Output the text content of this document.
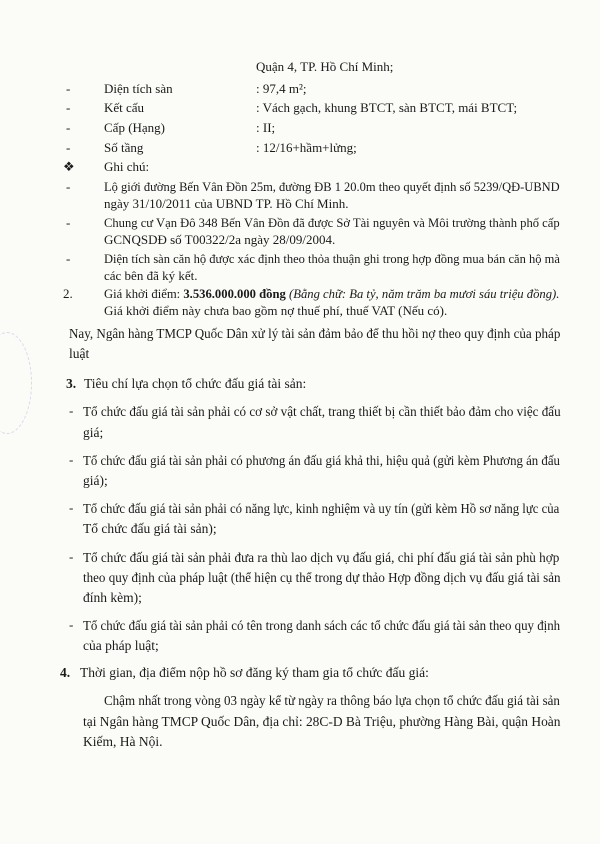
Quận 4, TP. Hồ Chí Minh;
-	Diện tích sàn	: 97,4 m²;
-	Kết cấu	: Vách gạch, khung BTCT, sàn BTCT, mái BTCT;
-	Cấp (Hạng)	: II;
-	Số tầng	: 12/16+hầm+lửng;
❖ Ghi chú:
-	Lộ giới đường Bến Vân Đồn 25m, đường ĐB 1 20.0m theo quyết định số 5239/QĐ-UBND
ngày 31/10/2011 của UBND TP. Hồ Chí Minh.
-	Chung cư Vạn Đô 348 Bến Vân Đồn đã được Sở Tài nguyên và Môi trường thành phố cấp
GCNQSDĐ số T00322/2a ngày 28/09/2004.
-	Diện tích sàn căn hộ được xác định theo thỏa thuận ghi trong hợp đồng mua bán căn hộ mà
các bên đã ký kết.
2. Giá khởi điểm: 3.536.000.000 đồng (Bằng chữ: Ba tỷ, năm trăm ba mươi sáu triệu đồng).
Giá khởi điểm này chưa bao gồm nợ thuế phí, thuế VAT (Nếu có).
Nay, Ngân hàng TMCP Quốc Dân xử lý tài sản đảm bảo để thu hồi nợ theo quy định của pháp
luật
3. Tiêu chí lựa chọn tổ chức đấu giá tài sản:
- Tổ chức đấu giá tài sản phải có cơ sở vật chất, trang thiết bị cần thiết bảo đảm cho việc đấu
giá;
- Tổ chức đấu giá tài sản phải có phương án đấu giá khả thi, hiệu quả (gửi kèm Phương án đấu
giá);
- Tổ chức đấu giá tài sản phải có năng lực, kinh nghiệm và uy tín (gửi kèm Hồ sơ năng lực của
Tổ chức đấu giá tài sản);
- Tổ chức đấu giá tài sản phải đưa ra thù lao dịch vụ đấu giá, chi phí đấu giá tài sản phù hợp
theo quy định của pháp luật (thể hiện cụ thể trong dự thảo Hợp đồng dịch vụ đấu giá tài sản
đính kèm);
- Tổ chức đấu giá tài sản phải có tên trong danh sách các tổ chức đấu giá tài sản theo quy định
của pháp luật;
4. Thời gian, địa điểm nộp hồ sơ đăng ký tham gia tổ chức đấu giá:
Chậm nhất trong vòng 03 ngày kể từ ngày ra thông báo lựa chọn tổ chức đấu giá tài sản
tại Ngân hàng TMCP Quốc Dân, địa chỉ: 28C-D Bà Triệu, phường Hàng Bài, quận Hoàn
Kiếm, Hà Nội.
